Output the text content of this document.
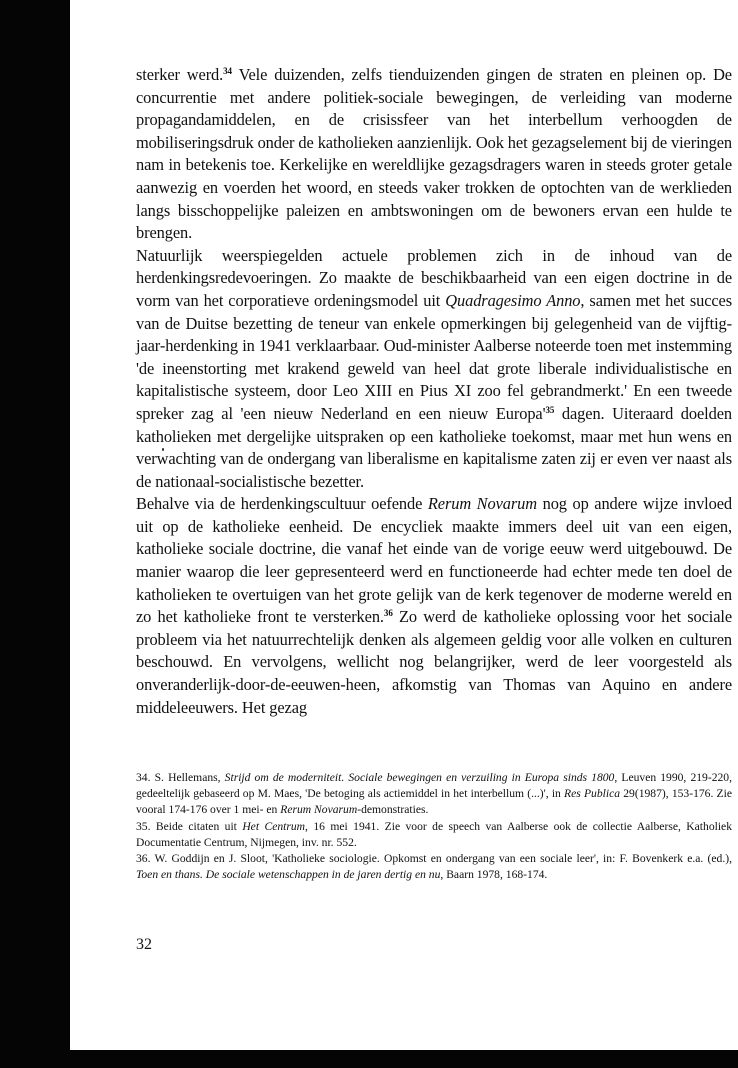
sterker werd.$^{34}$ Vele duizenden, zelfs tienduizenden gingen de straten en pleinen op. De concurrentie met andere politiek-sociale bewegingen, de verleiding van moderne propagandamiddelen, en de crisissfeer van het interbellum verhoogden de mobiliseringsdruk onder de katholieken aanzienlijk. Ook het gezagselement bij de vieringen nam in betekenis toe. Kerkelijke en wereldlijke gezagsdragers waren in steeds groter getale aanwezig en voerden het woord, en steeds vaker trokken de optochten van de werklieden langs bisschoppelijke paleizen en ambtswoningen om de bewoners ervan een hulde te brengen.

Natuurlijk weerspiegelden actuele problemen zich in de inhoud van de herdenkingsredevoeringen. Zo maakte de beschikbaarheid van een eigen doctrine in de vorm van het corporatieve ordeningsmodel uit Quadragesimo Anno, samen met het succes van de Duitse bezetting de teneur van enkele opmerkingen bij gelegenheid van de vijftig-jaar-herdenking in 1941 verklaarbaar. Oud-minister Aalberse noteerde toen met instemming 'de ineenstorting met krakend geweld van heel dat grote liberale individualistische en kapitalistische systeem, door Leo XIII en Pius XI zoo fel gebrandmerkt.' En een tweede spreker zag al 'een nieuw Nederland en een nieuw $Europa'^{35}$ dagen. Uiteraard doelden katholieken met dergelijke uitspraken op een katholieke toekomst, maar met hun wens en verwachting van de ondergang van liberalisme en kapitalisme zaten zij er even ver naast als de nationaal-socialistische bezetter.

Behalve via de herdenkingscultuur oefende Rerum Novarum nog op andere wijze invloed uit op de katholieke eenheid. De encycliek maakte immers deel uit van een eigen, katholieke sociale doctrine, die vanaf het einde van de vorige eeuw werd uitgebouwd. De manier waarop die leer gepresenteerd werd en functioneerde had echter mede ten doel de katholieken te overtuigen van het grote gelijk van de kerk tegenover de moderne wereld en zo het katholieke front te versterken.$^{36}$ Zo werd de katholieke oplossing voor het sociale probleem via het natuurrechtelijk denken als algemeen geldig voor alle volken en culturen beschouwd. En vervolgens, wellicht nog belangrijker, werd de leer voorgesteld als onveranderlijk-door-de-eeuwen-heen, afkomstig van Thomas van Aquino en andere middeleeuwers. Het gezag

34. S. Hellemans, Strijd om de moderniteit. Sociale bewegingen en verzuiling in Europa sinds 1800, Leuven 1990, 219-220, gedeeltelijk gebaseerd op M. Maes, 'De betoging als actiemiddel in het interbellum (...)', in Res Publica 29(1987), 153-176. Zie vooral 174-176 over 1 mei- en Rerum Novarum-demonstraties.

35. Beide citaten uit Het Centrum, 16 mei 1941. Zie voor de speech van Aalberse ook de collectie Aalberse, Katholiek Documentatie Centrum, Nijmegen, inv. nr. 552.

36. W. Goddijn en J. Sloot, 'Katholieke sociologie. Opkomst en ondergang van een sociale leer', in: F. Bovenkerk e.a. (ed.), Toen en thans. De sociale wetenschappen in de jaren dertig en nu, Baarn 1978, 168-174.

32
